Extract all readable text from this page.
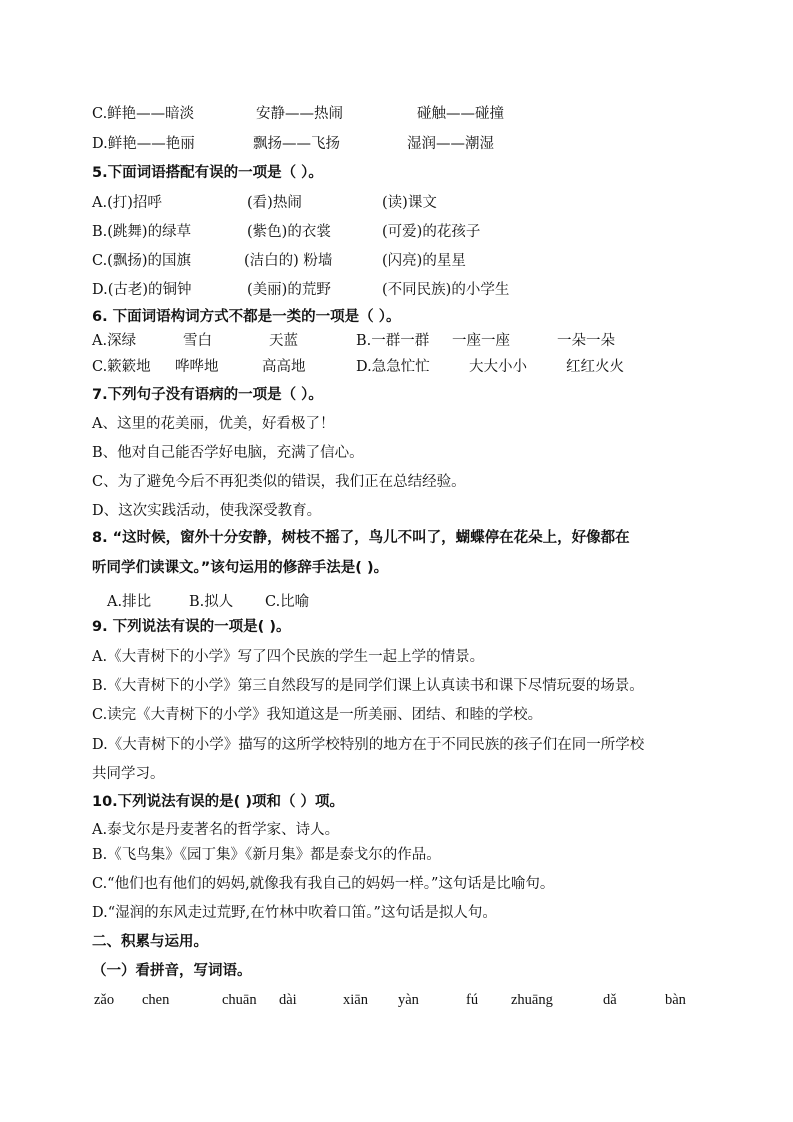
C.鲜艳——暗淡	安静——热闹	碰触——碰撞
D.鲜艳——艳丽	飘扬——飞扬	湿润——潮湿
5.下面词语搭配有误的一项是（ ）。
A.(打)招呼	(看)热闹	(读)课文
B.(跳舞)的绿草	(紫色)的衣裳	(可爱)的花孩子
C.(飘扬)的国旗	(洁白的) 粉墙	(闪亮)的星星
D.(古老)的铜钟	(美丽)的荒野	(不同民族)的小学生
6. 下面词语构词方式不都是一类的一项是（ ）。
A.深绿	雪白	天蓝	B.一群一群 一座一座	一朵一朵
C.簌簌地 哗哗地	高高地	D.急急忙忙	大大小小	红红火火
7.下列句子没有语病的一项是（ ）。
A、这里的花美丽，优美，好看极了！
B、他对自己能否学好电脑，充满了信心。
C、为了避免今后不再犯类似的错误，我们正在总结经验。
D、这次实践活动，使我深受教育。
8. “这时候，窗外十分安静，树枝不摇了，鸟儿不叫了，蝴蝶停在花朵上，好像都在
听同学们读课文。”该句运用的修辞手法是( )。
A.排比	B.拟人 C.比喻
9. 下列说法有误的一项是( )。
A.《大青树下的小学》写了四个民族的学生一起上学的情景。
B.《大青树下的小学》第三自然段写的是同学们课上认真读书和课下尽情玩耍的场景。
C.读完《大青树下的小学》我知道这是一所美丽、团结、和睦的学校。
D.《大青树下的小学》描写的这所学校特别的地方在于不同民族的孩子们在同一所学校
共同学习。
10.下列说法有误的是( )项和（ ）项。
A.泰戈尔是丹麦著名的哲学家、诗人。
B.《飞鸟集》《园丁集》《新月集》都是泰戈尔的作品。
C.“他们也有他们的妈妈,就像我有我自己的妈妈一样。”这句话是比喻句。
D.“湿润的东风走过荒野,在竹林中吹着口笛。”这句话是拟人句。
二、积累与运用。
（一）看拼音，写词语。
zǎo chen	chuān dài	xiān yàn	fú zhuāng	dǎ	bàn
